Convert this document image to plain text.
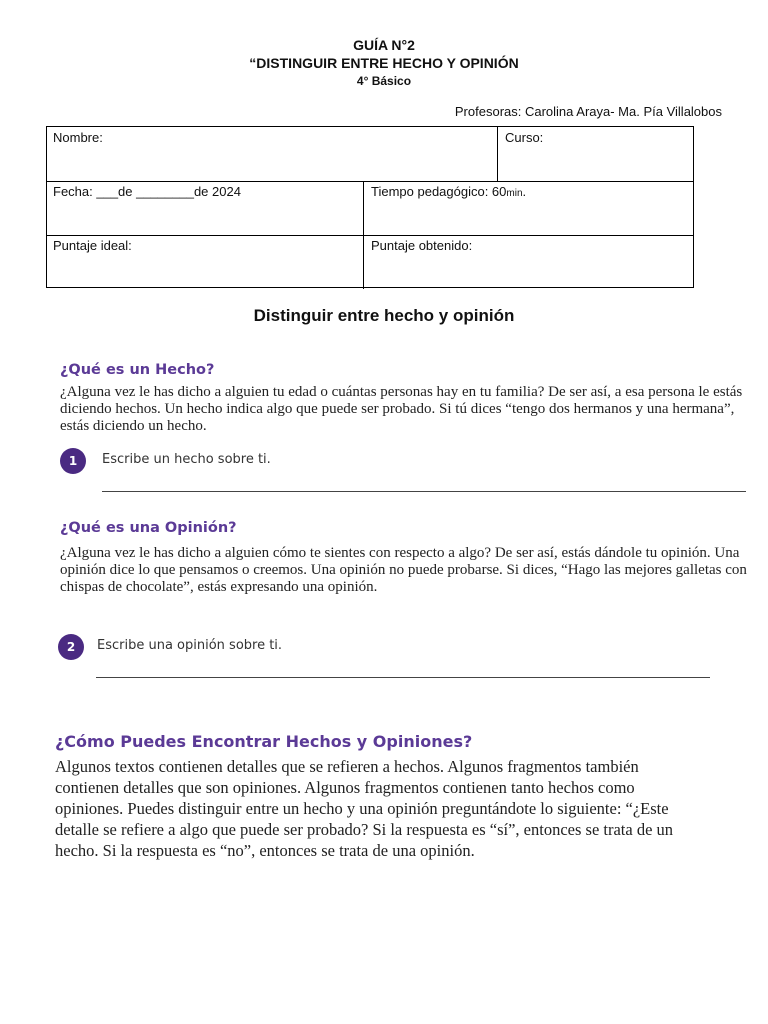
GUÍA N°2
“DISTINGUIR ENTRE HECHO Y OPINIÓN
4° Básico
Profesoras: Carolina Araya- Ma. Pía Villalobos
Nombre:	Curso:
Fecha: ___de ________de 2024	Tiempo pedagógico: 60min.
Puntaje ideal:	Puntaje obtenido:
Distinguir entre hecho y opinión
¿Qué es un Hecho?
¿Alguna vez le has dicho a alguien tu edad o cuántas personas hay en tu familia? De ser así, a esa persona le estás diciendo hechos. Un hecho indica algo que puede ser probado. Si tú dices “tengo dos hermanos y una hermana”, estás diciendo un hecho.
1	Escribe un hecho sobre ti.
¿Qué es una Opinión?
¿Alguna vez le has dicho a alguien cómo te sientes con respecto a algo? De ser así, estás dándole tu opinión. Una opinión dice lo que pensamos o creemos. Una opinión no puede probarse. Si dices, “Hago las mejores galletas con chispas de chocolate”, estás expresando una opinión.
2	Escribe una opinión sobre ti.
¿Cómo Puedes Encontrar Hechos y Opiniones?
Algunos textos contienen detalles que se refieren a hechos. Algunos fragmentos también contienen detalles que son opiniones. Algunos fragmentos contienen tanto hechos como opiniones. Puedes distinguir entre un hecho y una opinión preguntándote lo siguiente: “¿Este detalle se refiere a algo que puede ser probado? Si la respuesta es “sí”, entonces se trata de un hecho. Si la respuesta es “no”, entonces se trata de una opinión.
